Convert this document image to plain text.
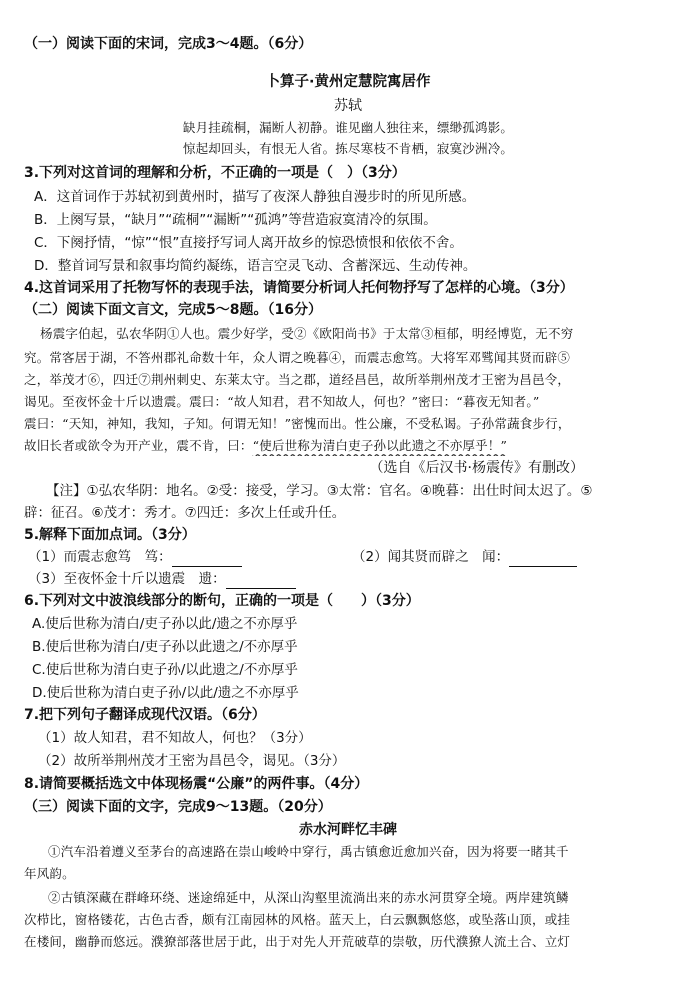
（一）阅读下面的宋词，完成3～4题。（6分）
卜算子·黄州定慧院寓居作
苏轼
缺月挂疏桐，漏断人初静。谁见幽人独往来，缥缈孤鸿影。
惊起却回头，有恨无人省。拣尽寒枝不肯栖，寂寞沙洲冷。
3.下列对这首词的理解和分析，不正确的一项是（　）（3分）
A．这首词作于苏轼初到黄州时，描写了夜深人静独自漫步时的所见所感。
B．上阕写景，“缺月”“疏桐”“漏断”“孤鸿”等营造寂寞清冷的氛围。
C．下阕抒情，“惊”“恨”直接抒写词人离开故乡的惊恐愤恨和依依不舍。
D．整首词写景和叙事均简约凝练，语言空灵飞动、含蓄深远、生动传神。
4.这首词采用了托物写怀的表现手法，请简要分析词人托何物抒写了怎样的心境。（3分）
（二）阅读下面文言文，完成5～8题。（16分）
杨震字伯起，弘农华阴①人也。震少好学，受②《欧阳尚书》于太常③桓郁，明经博览，无不穷
究。常客居于湖，不答州郡礼命数十年，众人谓之晚暮④，而震志愈笃。大将军邓骘闻其贤而辟⑤
之，举茂才⑥，四迁⑦荆州刺史、东莱太守。当之郡，道经昌邑，故所举荆州茂才王密为昌邑令，
谒见。至夜怀金十斤以遗震。震曰：“故人知君，君不知故人，何也？”密曰：“暮夜无知者。”
震曰：“天知，神知，我知，子知。何谓无知！”密愧而出。性公廉，不受私谒。子孙常蔬食步行，
故旧长者或欲令为开产业，震不肯，曰：“使后世称为清白吏子孙以此遗之不亦厚乎！”
（选自《后汉书·杨震传》有删改）
【注】①弘农华阴：地名。②受：接受，学习。③太常：官名。④晚暮：出仕时间太迟了。⑤
辟：征召。⑥茂才：秀才。⑦四迁：多次上任或升任。
5.解释下面加点词。（3分）
（1）而震志愈笃　笃：	（2）闻其贤而辟之　闻：
（3）至夜怀金十斤以遗震　遗：
6.下列对文中波浪线部分的断句，正确的一项是（　　）（3分）
A.使后世称为清白/吏子孙以此/遗之不亦厚乎
B.使后世称为清白/吏子孙以此遗之/不亦厚乎
C.使后世称为清白吏子孙/以此遗之/不亦厚乎
D.使后世称为清白吏子孙/以此/遗之不亦厚乎
7.把下列句子翻译成现代汉语。（6分）
（1）故人知君，君不知故人，何也？（3分）
（2）故所举荆州茂才王密为昌邑令，谒见。（3分）
8.请简要概括选文中体现杨震“公廉”的两件事。（4分）
（三）阅读下面的文字，完成9～13题。（20分）
赤水河畔忆丰碑
①汽车沿着遵义至茅台的高速路在崇山峻岭中穿行，禹古镇愈近愈加兴奋，因为将要一睹其千
年风韵。
②古镇深藏在群峰环绕、迷途绵延中，从深山沟壑里流淌出来的赤水河贯穿全境。两岸建筑鳞
次栉比，窗格镂花，古色古香，颇有江南园林的风格。蓝天上，白云飘飘悠悠，或坠落山顶，或挂
在楼间，幽静而悠远。濮獠部落世居于此，出于对先人开荒破草的崇敬，历代濮獠人流土合、立灯
